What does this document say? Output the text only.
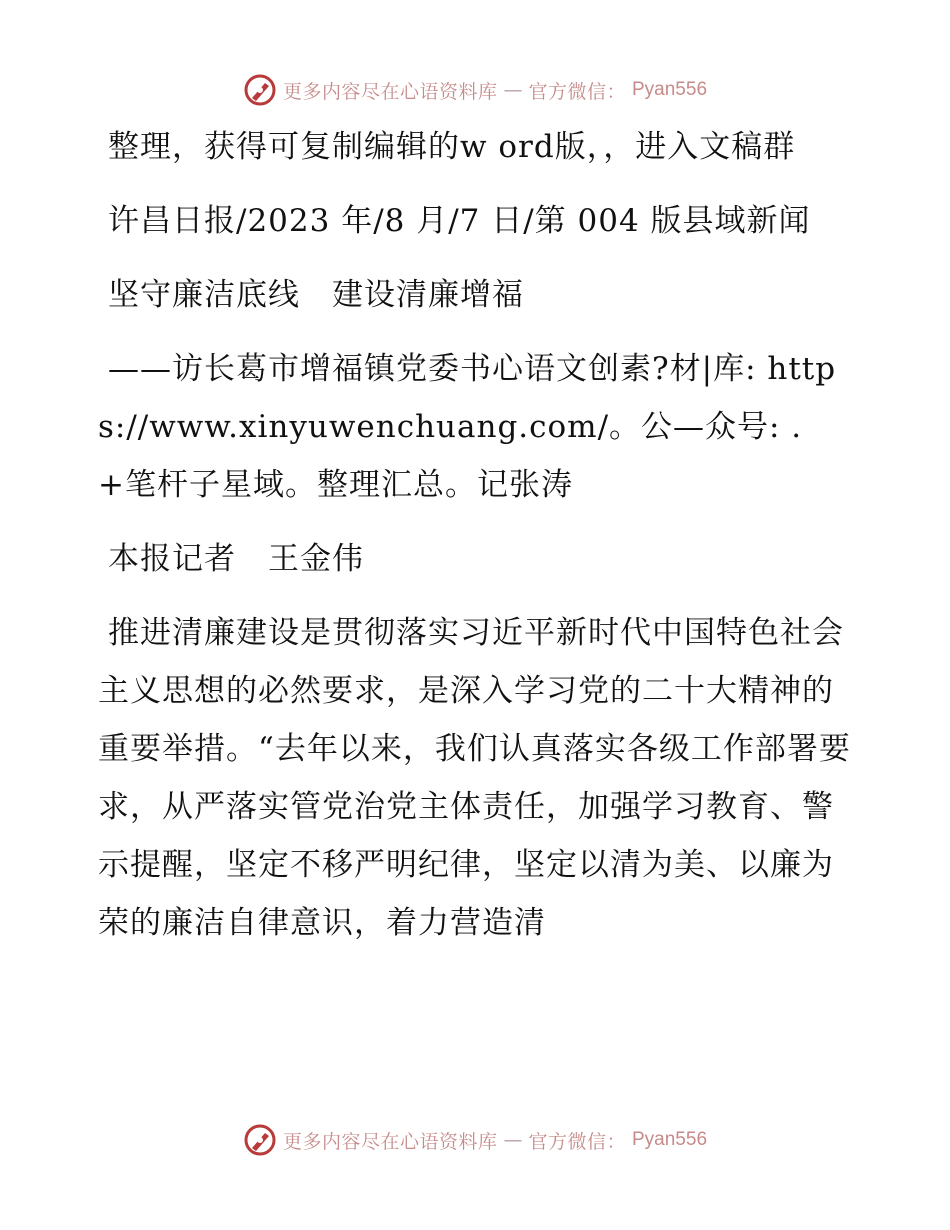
更多内容尽在心语资料库 — 官方微信： Pyan556

整理，获得可复制编辑的w ord版，，进入文稿群

许昌日报/2023 年/8 月/7 日/第 004 版县域新闻

坚守廉洁底线　建设清廉增福

——访长葛市增福镇党委书心语文创素?材|库: https://www.xinyuwenchuang.com/。公—众号: . +笔杆子星域。整理汇总。记张涛

本报记者　王金伟

推进清廉建设是贯彻落实习近平新时代中国特色社会主义思想的必然要求，是深入学习党的二十大精神的重要举措。“去年以来，我们认真落实各级工作部署要求，从严落实管党治党主体责任，加强学习教育、警示提醒，坚定不移严明纪律，坚定以清为美、以廉为荣的廉洁自律意识，着力营造清

更多内容尽在心语资料库 — 官方微信： Pyan556
